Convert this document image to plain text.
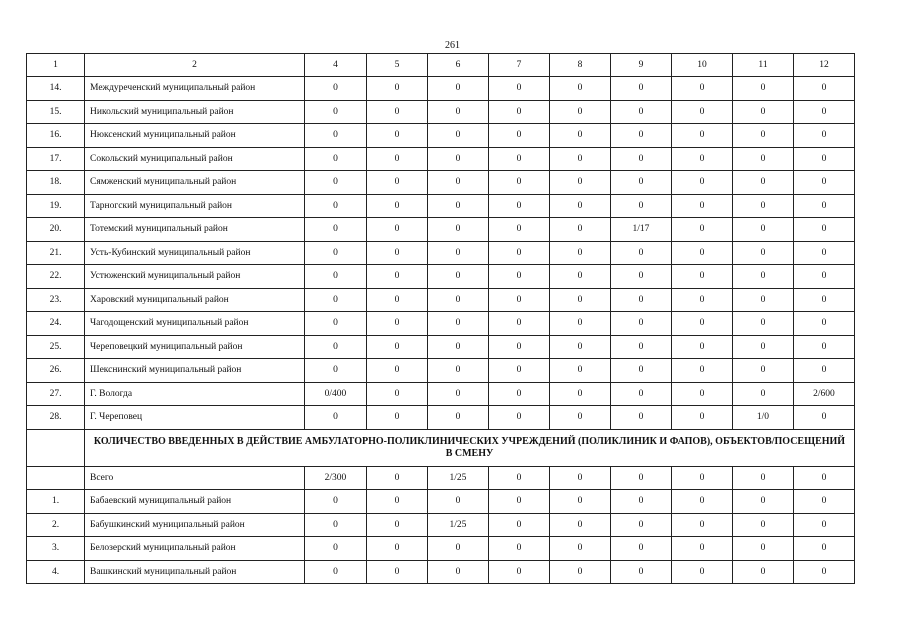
261
1	2	4	5	6	7	8	9	10	11	12
14.	Междуреченский муниципальный район	0	0	0	0	0	0	0	0	0
15.	Никольский муниципальный район	0	0	0	0	0	0	0	0	0
16.	Нюксенский муниципальный район	0	0	0	0	0	0	0	0	0
17.	Сокольский муниципальный район	0	0	0	0	0	0	0	0	0
18.	Сямженский муниципальный район	0	0	0	0	0	0	0	0	0
19.	Тарногский муниципальный район	0	0	0	0	0	0	0	0	0
20.	Тотемский муниципальный район	0	0	0	0	0	1/17	0	0	0
21.	Усть-Кубинский муниципальный район	0	0	0	0	0	0	0	0	0
22.	Устюженский муниципальный район	0	0	0	0	0	0	0	0	0
23.	Харовский муниципальный район	0	0	0	0	0	0	0	0	0
24.	Чагодощенский муниципальный район	0	0	0	0	0	0	0	0	0
25.	Череповецкий муниципальный район	0	0	0	0	0	0	0	0	0
26.	Шекснинский муниципальный район	0	0	0	0	0	0	0	0	0
27.	Г. Вологда	0/400	0	0	0	0	0	0	0	2/600
28.	Г. Череповец	0	0	0	0	0	0	0	1/0	0
	КОЛИЧЕСТВО ВВЕДЕННЫХ В ДЕЙСТВИЕ АМБУЛАТОРНО-ПОЛИКЛИНИЧЕСКИХ УЧРЕЖДЕНИЙ (ПОЛИКЛИНИК И ФАПОВ), ОБЪЕКТОВ/ПОСЕЩЕНИЙ В СМЕНУ									
	Всего	2/300	0	1/25	0	0	0	0	0	0
1.	Бабаевский муниципальный район	0	0	0	0	0	0	0	0	0
2.	Бабушкинский муниципальный район	0	0	1/25	0	0	0	0	0	0
3.	Белозерский муниципальный район	0	0	0	0	0	0	0	0	0
4.	Вашкинский муниципальный район	0	0	0	0	0	0	0	0	0
